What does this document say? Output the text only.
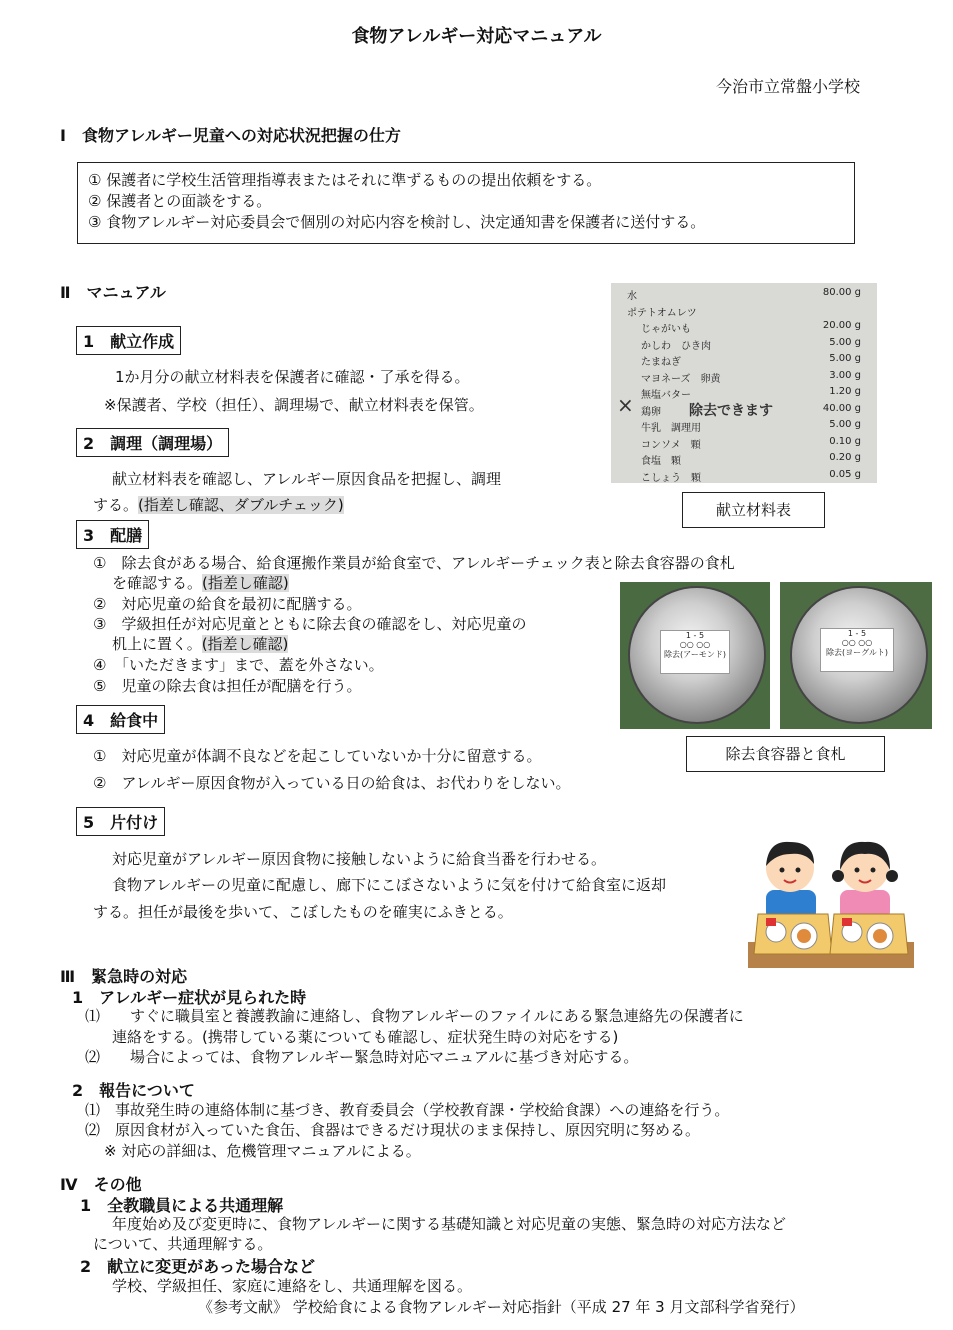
食物アレルギー対応マニュアル
今治市立常盤小学校
Ⅰ　食物アレルギー児童への対応状況把握の仕方
① 保護者に学校生活管理指導表またはそれに準ずるものの提出依頼をする。
② 保護者との面談をする。
③ 食物アレルギー対応委員会で個別の対応内容を検討し、決定通知書を保護者に送付する。
Ⅱ　マニュアル
1　献立作成
1か月分の献立材料表を保護者に確認・了承を得る。
※保護者、学校（担任）、調理場で、献立材料表を保管。
2　調理（調理場）
献立材料表を確認し、アレルギー原因食品を把握し、調理
する。(指差し確認、ダブルチェック)
3　配膳
①　除去食がある場合、給食運搬作業員が給食室で、アレルギーチェック表と除去食容器の食札
を確認する。(指差し確認)
②　対応児童の給食を最初に配膳する。
③　学級担任が対応児童とともに除去食の確認をし、対応児童の
机上に置く。(指差し確認)
④　「いただきます」まで、蓋を外さない。
⑤　児童の除去食は担任が配膳を行う。
4　給食中
①　対応児童が体調不良などを起こしていないか十分に留意する。
②　アレルギー原因食物が入っている日の給食は、お代わりをしない。
5　片付け
対応児童がアレルギー原因食物に接触しないように給食当番を行わせる。
食物アレルギーの児童に配慮し、廊下にこぼさないように気を付けて給食室に返却
する。担任が最後を歩いて、こぼしたものを確実にふきとる。
水	80.00 g
ポテトオムレツ
じゃがいも	20.00 g
かしわ　ひき肉	5.00 g
たまねぎ	5.00 g
マヨネーズ　卵黄	3.00 g
無塩バター	1.20 g
鶏卵	40.00 g
牛乳　調理用	5.00 g
コンソメ　顆	0.10 g
食塩　顆	0.20 g
こしょう　顆	0.05 g
×	除去できます
献立材料表
1 - 5
○○ ○○
除去(アーモンド)
1 - 5
○○ ○○
除去(ヨーグルト)
除去食容器と食札
Ⅲ　緊急時の対応
1　アレルギー症状が見られた時
⑴　　すぐに職員室と養護教諭に連絡し、食物アレルギーのファイルにある緊急連絡先の保護者に
連絡をする。(携帯している薬についても確認し、症状発生時の対応をする)
⑵　　場合によっては、食物アレルギー緊急時対応マニュアルに基づき対応する。
2　報告について
⑴　事故発生時の連絡体制に基づき、教育委員会（学校教育課・学校給食課）への連絡を行う。
⑵　原因食材が入っていた食缶、食器はできるだけ現状のまま保持し、原因究明に努める。
※ 対応の詳細は、危機管理マニュアルによる。
Ⅳ　その他
1　全教職員による共通理解
年度始め及び変更時に、食物アレルギーに関する基礎知識と対応児童の実態、緊急時の対応方法など
について、共通理解する。
2　献立に変更があった場合など
学校、学級担任、家庭に連絡をし、共通理解を図る。
《参考文献》 学校給食による食物アレルギー対応指針（平成 27 年 3 月文部科学省発行）
